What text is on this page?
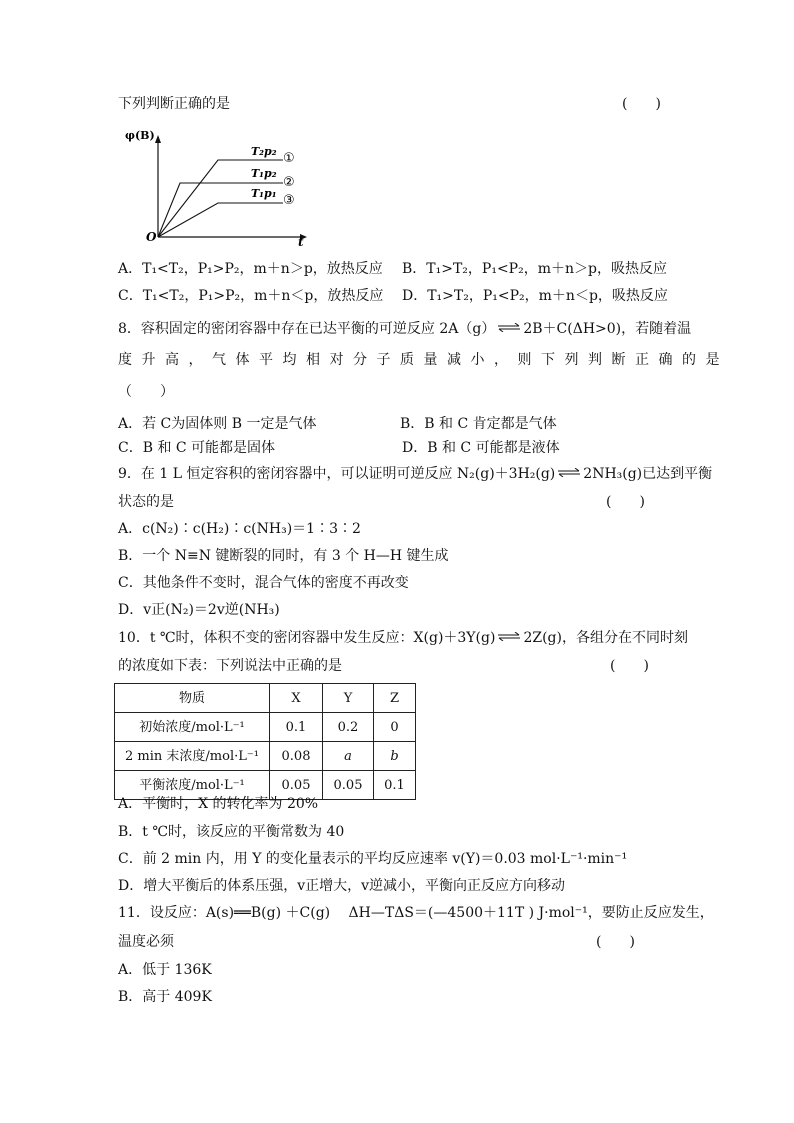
下列判断正确的是	(　　)
φ(B)
t
O
T₂p₂ ①
T₁p₂
②
T₁p₁ ③
A．T₁<T₂，P₁>P₂，m＋n＞p，放热反应 B．T₁>T₂，P₁<P₂，m＋n＞p，吸热反应
C．T₁<T₂，P₁>P₂，m＋n＜p，放热反应 D．T₁>T₂，P₁<P₂，m＋n＜p，吸热反应
8．容积固定的密闭容器中存在已达平衡的可逆反应 2A（g） ⇌ 2B＋C(ΔH>0)，若随着温
度升高，气体平均相对分子质量减小，则下列判断正确的是
（　　）
A．若 C为固体则 B 一定是气体	B．B 和 C 肯定都是气体
C．B 和 C 可能都是固体	D．B 和 C 可能都是液体
9．在 1 L 恒定容积的密闭容器中，可以证明可逆反应 N₂(g)＋3H₂(g) ⇌ 2NH₃(g)已达到平衡
状态的是	(　　)
A．c(N₂)∶c(H₂)∶c(NH₃)＝1∶3∶2
B．一个 N≡N 键断裂的同时，有 3 个 H—H 键生成
C．其他条件不变时，混合气体的密度不再改变
D．v正(N₂)＝2v逆(NH₃)
10．t ℃时，体积不变的密闭容器中发生反应：X(g)＋3Y(g) ⇌ 2Z(g)，各组分在不同时刻
的浓度如下表：下列说法中正确的是	(　　)
物质	X	Y	Z
初始浓度/mol·L⁻¹	0.1	0.2	0
2 min 末浓度/mol·L⁻¹	0.08	a	b
平衡浓度/mol·L⁻¹	0.05	0.05	0.1
A．平衡时，X 的转化率为 20%
B．t ℃时，该反应的平衡常数为 40
C．前 2 min 内，用 Y 的变化量表示的平均反应速率 v(Y)＝0.03 mol·L⁻¹·min⁻¹
D．增大平衡后的体系压强，v正增大，v逆减小，平衡向正反应方向移动
11．设反应：A(s)══B(g) ＋C(g)　 ΔH—TΔS＝(—4500＋11T ) J·mol⁻¹，要防止反应发生，
温度必须	(　　)
A．低于 136K
B．高于 409K
